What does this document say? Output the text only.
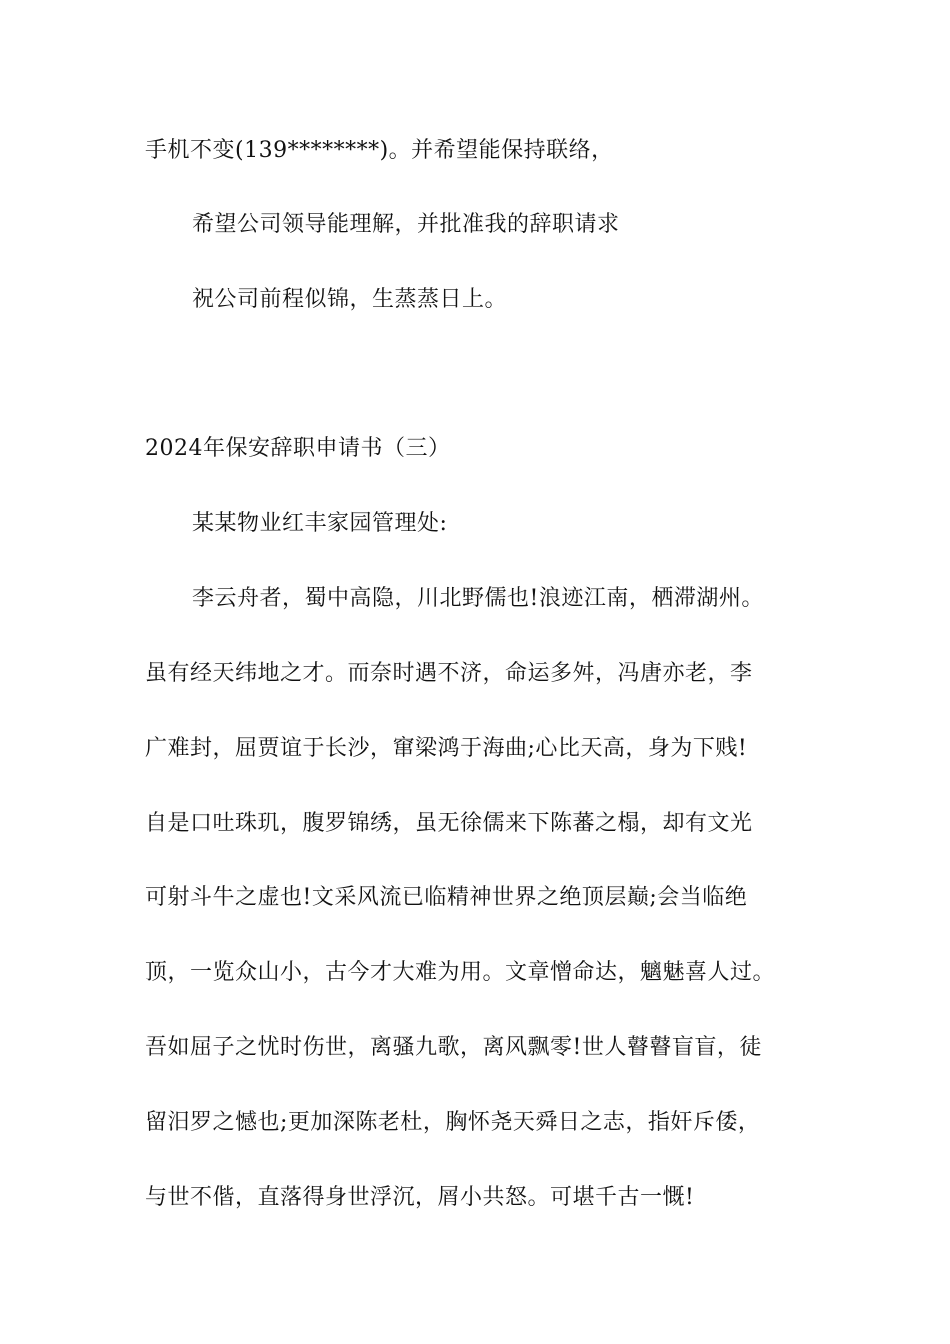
手机不变(139********)。并希望能保持联络，
希望公司领导能理解，并批准我的辞职请求
祝公司前程似锦，生蒸蒸日上。
2024年保安辞职申请书（三）
某某物业红丰家园管理处:
李云舟者，蜀中高隐，川北野儒也!浪迹江南，栖滞湖州。
虽有经天纬地之才。而奈时遇不济，命运多舛，冯唐亦老，李
广难封，屈贾谊于长沙，窜梁鸿于海曲;心比天高，身为下贱!
自是口吐珠玑，腹罗锦绣，虽无徐儒来下陈蕃之榻，却有文光
可射斗牛之虚也!文采风流已临精神世界之绝顶层巅;会当临绝
顶，一览众山小，古今才大难为用。文章憎命达，魑魅喜人过。
吾如屈子之忧时伤世，离骚九歌，离风飘零!世人瞽瞽盲盲，徒
留汨罗之憾也;更加深陈老杜，胸怀尧天舜日之志，指奸斥倭，
与世不偕，直落得身世浮沉，屑小共怒。可堪千古一慨!
